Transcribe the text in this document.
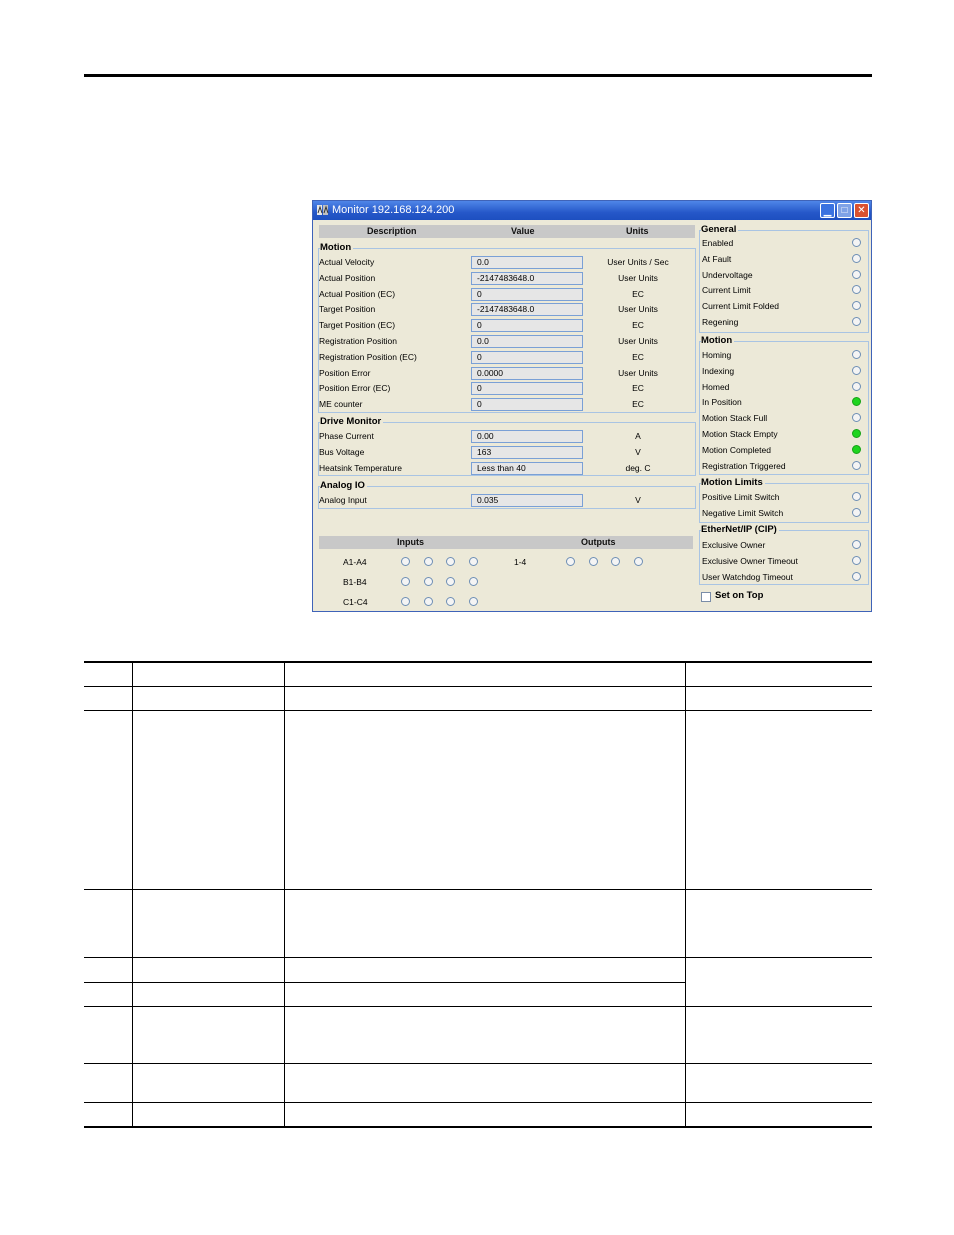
Monitor 192.168.124.200	▁	□ ✕
Description	Value	Units
Motion
Drive Monitor
Analog IO
Inputs	Outputs
Set on Top
Actual Velocity	0.0	User Units / Sec
Actual Position	-2147483648.0	User Units
Actual Position (EC)	0	EC
Target Position	-2147483648.0	User Units
Target Position (EC)	0	EC
Registration Position	0.0	User Units
Registration Position (EC)	0	EC
Position Error	0.0000	User Units
Position Error (EC)	0	EC
ME counter	0	EC
Phase Current	0.00	A
Bus Voltage	163	V
Heatsink Temperature	Less than 40	deg. C
Analog Input	0.035	V
A1-A4
B1-B4
C1-C4
1-4
General
Enabled
At Fault
Undervoltage
Current Limit
Current Limit Folded
Regening
Motion
Homing
Indexing
Homed
In Position
Motion Stack Full
Motion Stack Empty
Motion Completed
Registration Triggered
Motion Limits
Positive Limit Switch
Negative Limit Switch
EtherNet/IP (CIP)
Exclusive Owner
Exclusive Owner Timeout
User Watchdog Timeout
